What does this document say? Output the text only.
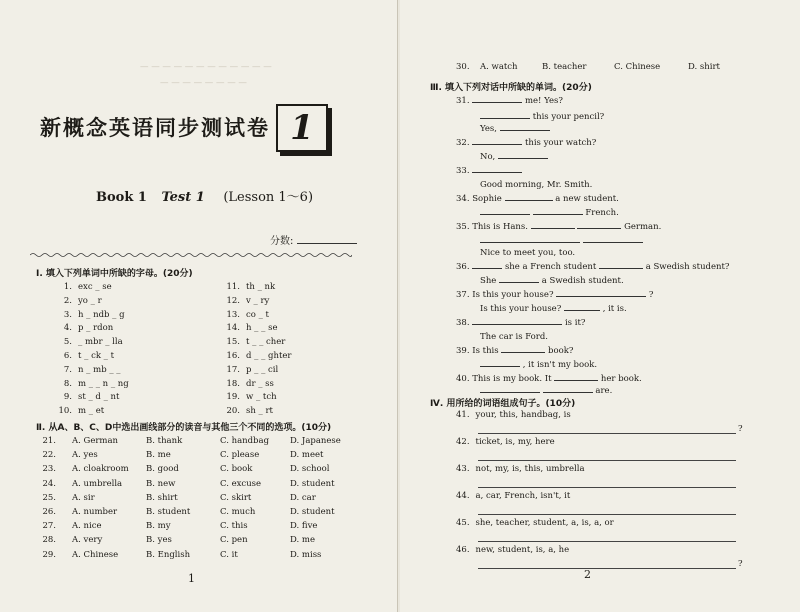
— — — — — — — — — — — —
— — — — — — — —
新概念英语同步测试卷 1
Book 1 Test 1 (Lesson 1～6)
分数:
Ⅰ. 填入下列单词中所缺的字母。(20分)
Ⅱ. 从A、B、C、D中选出画线部分的读音与其他三个不同的选项。(10分)
1
1. exc _ se
2. yo _ r
3. h _ ndb _ g
4. p _ rdon
5. _ mbr _ lla
6. t _ ck _ t
7. n _ mb _ _
8. m _ _ n _ ng
9. st _ d _ nt
10. m _ et
11. th _ nk
12. v _ ry
13. co _ t
14. h _ _ se
15. t _ _ cher
16. d _ _ ghter
17. p _ _ cil
18. dr _ ss
19. w _ tch
20. sh _ rt
21. A. German	B. thank	C. handbag D. Japanese
22. A. yes	B. me	C. please	D. meet
23. A. cloakroom B. good	C. book	D. school
24. A. umbrella	B. new	C. excuse	D. student
25. A. sir	B. shirt	C. skirt	D. car
26. A. number	B. student	C. much	D. student
27. A. nice	B. my	C. this	D. five
28. A. very	B. yes	C. pen	D. me
29. A. Chinese	B. English	C. it	D. miss
30. A. watch	B. teacher	C. Chinese	D. shirt
Ⅲ. 填入下列对话中所缺的单词。(20分)
31.	me! Yes?
this your pencil?
Yes,
32.	this your watch?
No,
33.
Good morning, Mr. Smith.
34. Sophie	a new student.
French.
35. This is Hans.	German.

Nice to meet you, too.
36.	she a French student	a Swedish student?
She	a Swedish student.
37. Is this your house?	?
Is this your house?	, it is.
38.	is it?
The car is Ford.
39. Is this	book?
, it isn't my book.
40. This is my book. It	her book.
are.
Ⅳ. 用所给的词语组成句子。(10分)
2
41. your, this, handbag, is
?
42. ticket, is, my, here
43. not, my, is, this, umbrella
44. a, car, French, isn't, it
45. she, teacher, student, a, is, a, or
46. new, student, is, a, he
?
